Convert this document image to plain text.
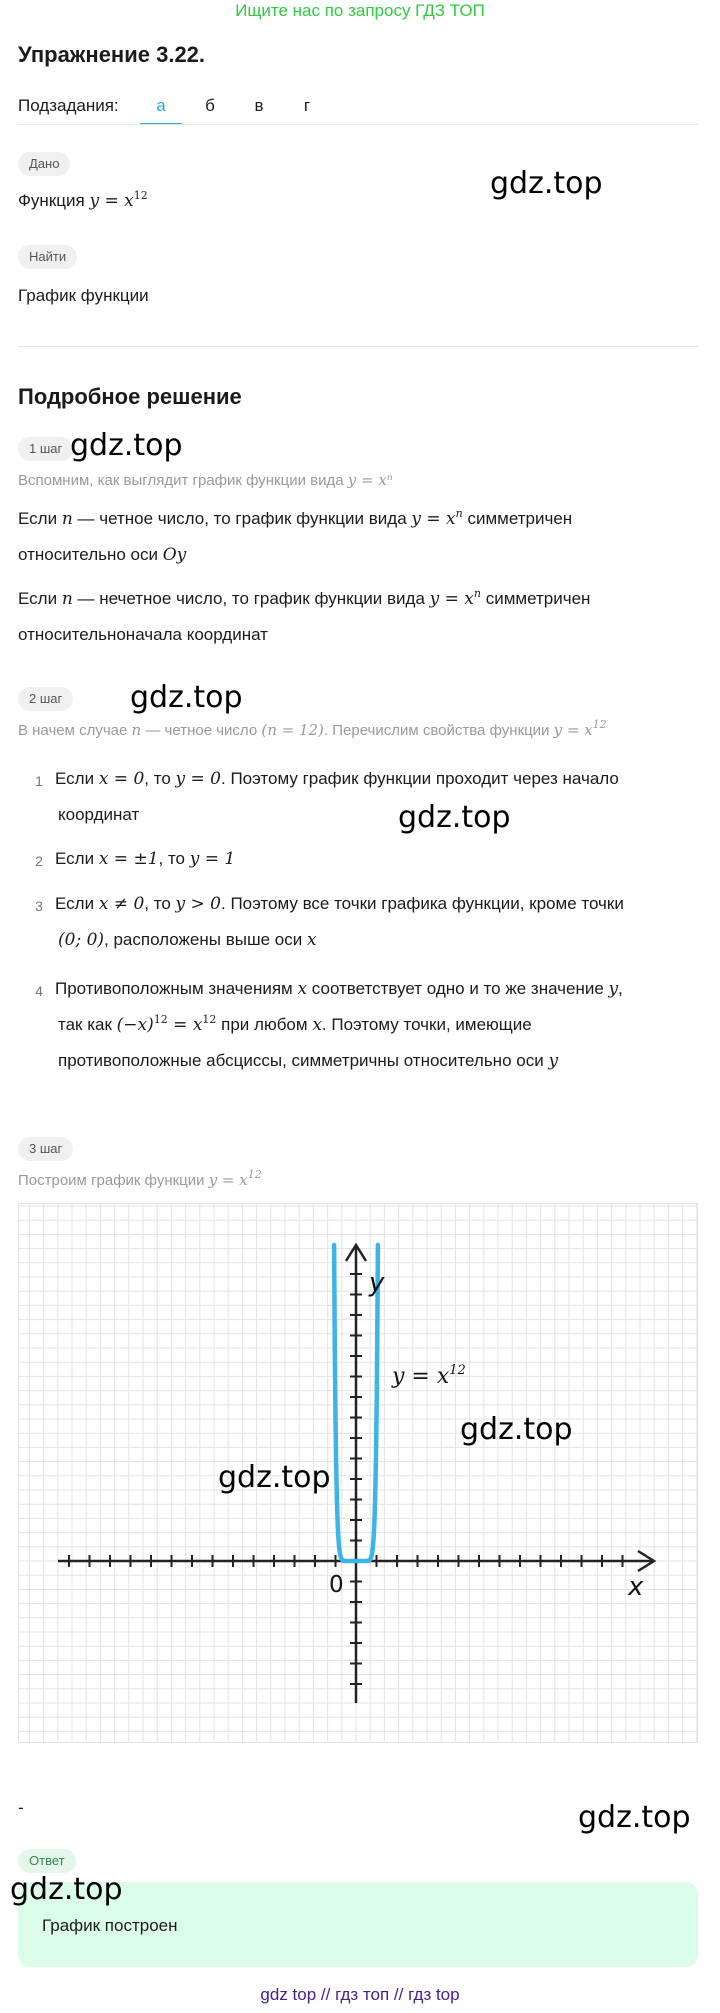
Ищите нас по запросу ГДЗ ТОП
Упражнение 3.22.
Подзадания:	а	б	в	г
Дано
Функция $y = x^{12}$
Найти
График функции
Подробное решение
1 шаг
Вспомним, как выглядит график функции вида y = xⁿ
Если n — четное число, то график функции вида $y = x^n$ симметричен
относительно оси Oy
Если n — нечетное число, то график функции вида $y = x^n$ симметричен
относительноначала координат
2 шаг
В начем случае n — четное число (n = 12). Перечислим свойства функции $y = x^{12}$
1 Если x = 0, то y = 0. Поэтому график функции проходит через начало
координат
2 Если x = ±1, то y = 1
3 Если x ≠ 0, то y > 0. Поэтому все точки графика функции, кроме точки
(0; 0), расположены выше оси x
4 Противоположным значениям x соответствует одно и то же значение y,
так как $(-x)^{12} = x^{12}$ при любом x. Поэтому точки, имеющие
противоположные абсциссы, симметричны относительно оси y
3 шаг
Построим график функции $y = x^{12}$
y
x
0
$y = x^{12}$
-
Ответ
График построен
gdz.top
gdz.top
gdz.top
gdz.top
gdz.top
gdz.top
gdz.top
gdz.top
gdz top // гдз топ // гдз top
